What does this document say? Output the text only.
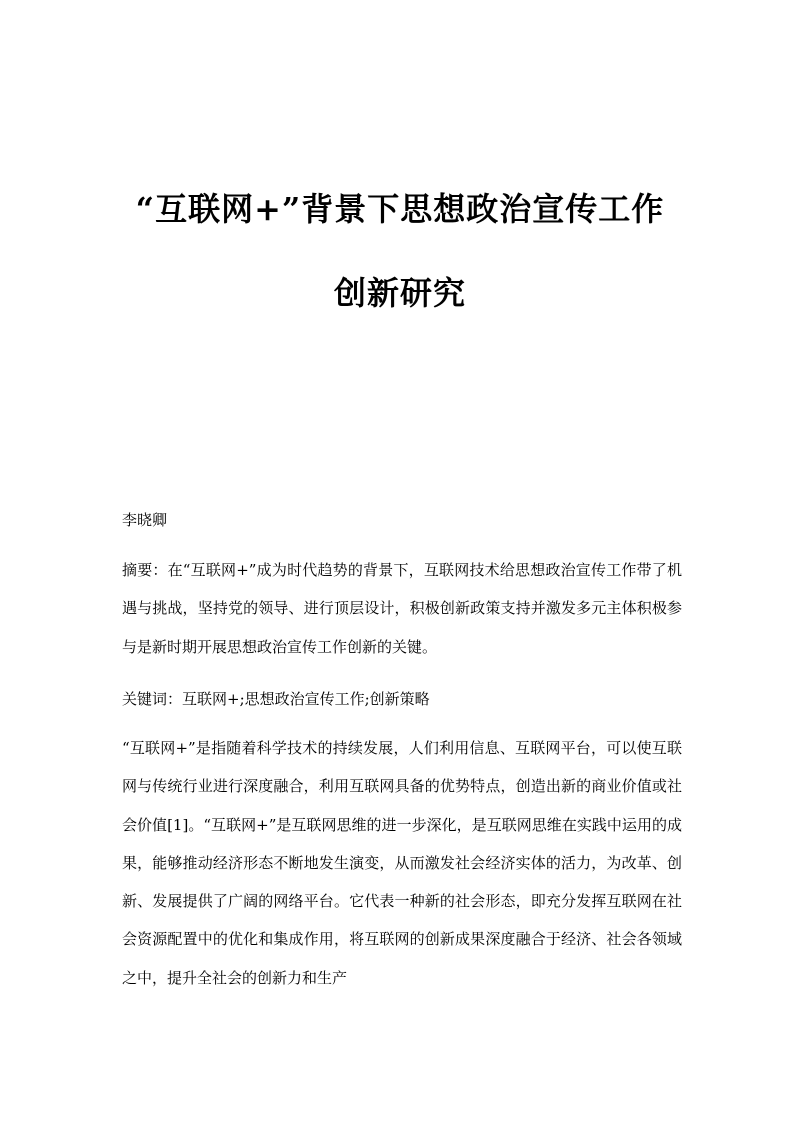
“互联网+”背景下思想政治宣传工作
创新研究
李晓卿
摘要：在“互联网+”成为时代趋势的背景下，互联网技术给思想政治宣传工作带了机遇与挑战，坚持党的领导、进行顶层设计，积极创新政策支持并激发多元主体积极参与是新时期开展思想政治宣传工作创新的关键。
关键词：互联网+;思想政治宣传工作;创新策略
“互联网+”是指随着科学技术的持续发展，人们利用信息、互联网平台，可以使互联网与传统行业进行深度融合，利用互联网具备的优势特点，创造出新的商业价值或社会价值[1]。“互联网+”是互联网思维的进一步深化，是互联网思维在实践中运用的成果，能够推动经济形态不断地发生演变，从而激发社会经济实体的活力，为改革、创新、发展提供了广阔的网络平台。它代表一种新的社会形态，即充分发挥互联网在社会资源配置中的优化和集成作用，将互联网的创新成果深度融合于经济、社会各领域之中，提升全社会的创新力和生产
